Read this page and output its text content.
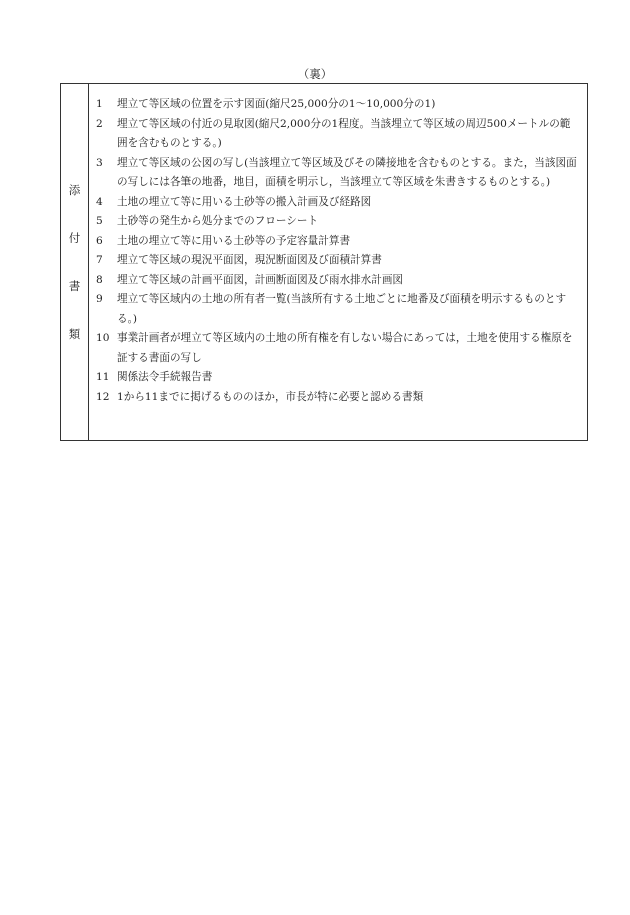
（裏）
添
付
書
類
1	埋立て等区域の位置を示す図面(縮尺25,000分の1～10,000分の1)
2	埋立て等区域の付近の見取図(縮尺2,000分の1程度。当該埋立て等区域の周辺500メートルの範囲を含むものとする。)
3	埋立て等区域の公図の写し(当該埋立て等区域及びその隣接地を含むものとする。また，当該図面の写しには各筆の地番，地目，面積を明示し，当該埋立て等区域を朱書きするものとする。)
4	土地の埋立て等に用いる土砂等の搬入計画及び経路図
5	土砂等の発生から処分までのフローシート
6	土地の埋立て等に用いる土砂等の予定容量計算書
7	埋立て等区域の現況平面図，現況断面図及び面積計算書
8	埋立て等区域の計画平面図，計画断面図及び雨水排水計画図
9	埋立て等区域内の土地の所有者一覧(当該所有する土地ごとに地番及び面積を明示するものとする。)
10 事業計画者が埋立て等区域内の土地の所有権を有しない場合にあっては，土地を使用する権原を証する書面の写し
11 関係法令手続報告書
12 1から11までに掲げるもののほか，市長が特に必要と認める書類
